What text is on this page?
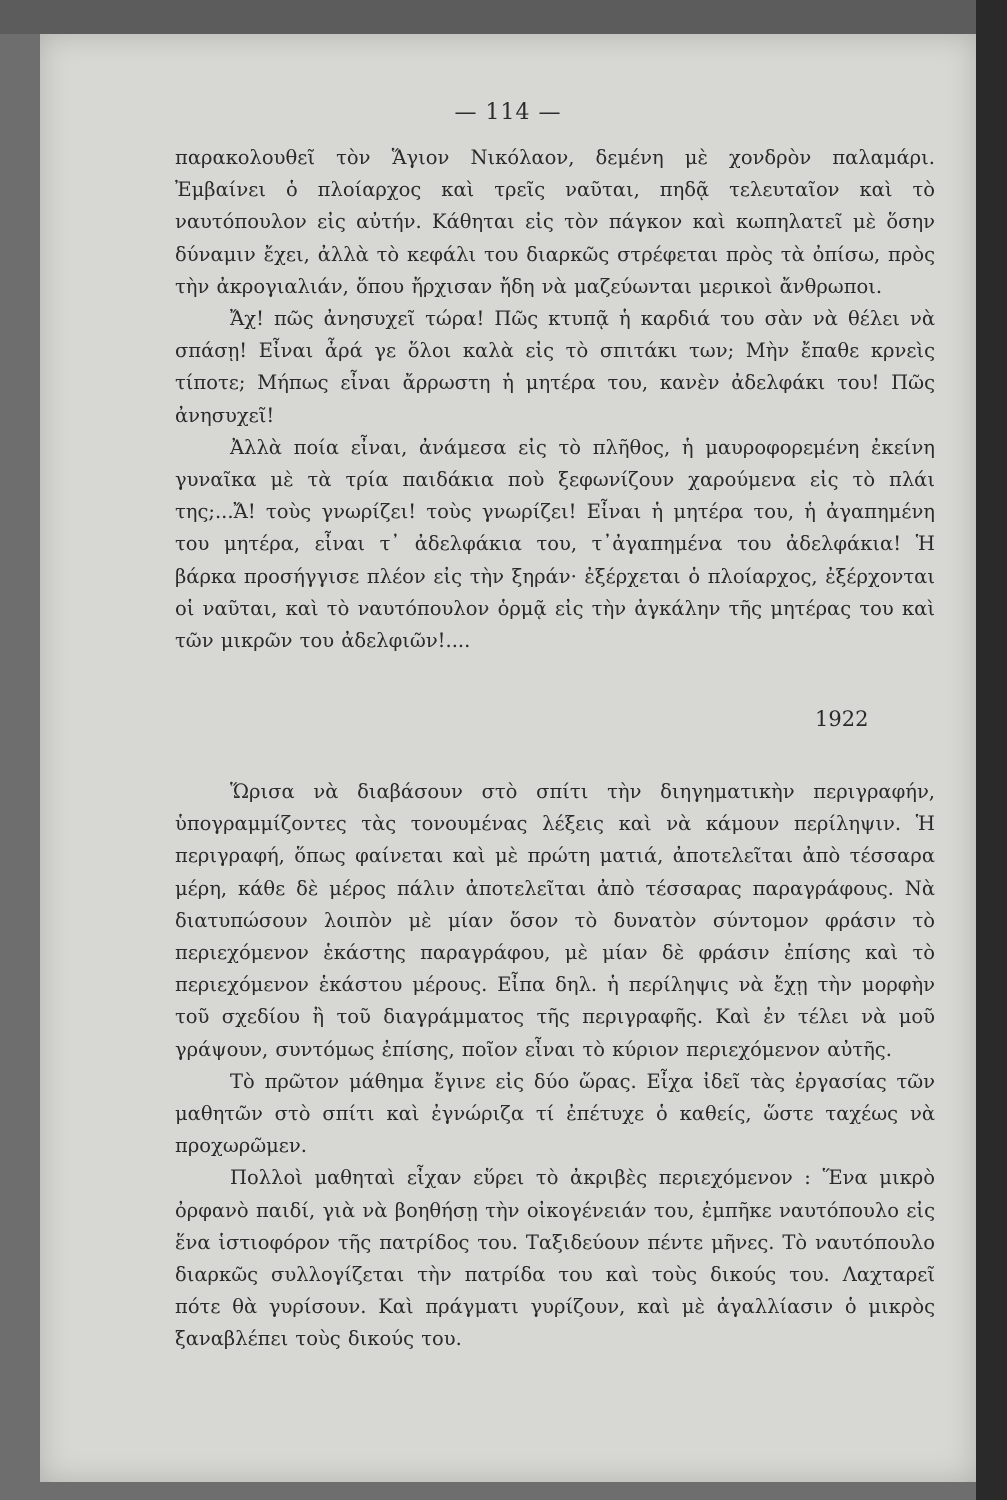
— 114 —

παρακολουθεῖ τὸν Ἅγιον Νικόλαον, δεμένη μὲ χονδρὸν παλαμάρι. Ἐμβαίνει ὁ πλοίαρχος καὶ τρεῖς ναῦται, πηδᾷ τελευταῖον καὶ τὸ ναυτόπουλον εἰς αὐτήν. Κάθηται εἰς τὸν πάγκον καὶ κωπηλατεῖ μὲ ὅσην δύναμιν ἔχει, ἀλλὰ τὸ κεφάλι του διαρκῶς στρέφεται πρὸς τὰ ὀπίσω, πρὸς τὴν ἀκρογιαλιάν, ὅπου ἤρχισαν ἤδη νὰ μαζεύωνται μερικοὶ ἄνθρωποι.

Ἄχ! πῶς ἀνησυχεῖ τώρα! Πῶς κτυπᾷ ἡ καρδιά του σὰν νὰ θέλει νὰ σπάσῃ! Εἶναι ἆρά γε ὅλοι καλὰ εἰς τὸ σπιτάκι των; Μὴν ἔπαθε κρνεὶς τίποτε; Μήπως εἶναι ἄρρωστη ἡ μητέρα του, κανὲν ἀδελφάκι του! Πῶς ἀνησυχεῖ!

Ἀλλὰ ποία εἶναι, ἀνάμεσα εἰς τὸ πλῆθος, ἡ μαυροφορεμένη ἐκείνη γυναῖκα μὲ τὰ τρία παιδάκια ποὺ ξεφωνίζουν χαρούμενα εἰς τὸ πλάι της;...Ἄ! τοὺς γνωρίζει! τοὺς γνωρίζει! Εἶναι ἡ μητέρα του, ἡ ἀγαπημένη του μητέρα, εἶναι τ᾿ ἀδελφάκια του, τ᾿ἀγαπημένα του ἀδελφάκια! Ἡ βάρκα προσήγγισε πλέον εἰς τὴν ξηράν· ἐξέρχεται ὁ πλοίαρχος, ἐξέρχονται οἱ ναῦται, καὶ τὸ ναυτόπουλον ὁρμᾷ εἰς τὴν ἀγκάλην τῆς μητέρας του καὶ τῶν μικρῶν του ἀδελφιῶν!....

1922

Ὥρισα νὰ διαβάσουν στὸ σπίτι τὴν διηγηματικὴν περιγραφήν, ὑπογραμμίζοντες τὰς τονουμένας λέξεις καὶ νὰ κάμουν περίληψιν. Ἡ περιγραφή, ὅπως φαίνεται καὶ μὲ πρώτη ματιά, ἀποτελεῖται ἀπὸ τέσσαρα μέρη, κάθε δὲ μέρος πάλιν ἀποτελεῖται ἀπὸ τέσσαρας παραγράφους. Νὰ διατυπώσουν λοιπὸν μὲ μίαν ὅσον τὸ δυνατὸν σύντομον φράσιν τὸ περιεχόμενον ἑκάστης παραγράφου, μὲ μίαν δὲ φράσιν ἐπίσης καὶ τὸ περιεχόμενον ἑκάστου μέρους. Εἶπα δηλ. ἡ περίληψις νὰ ἔχῃ τὴν μορφὴν τοῦ σχεδίου ἢ τοῦ διαγράμματος τῆς περιγραφῆς. Καὶ ἐν τέλει νὰ μοῦ γράψουν, συντόμως ἐπίσης, ποῖον εἶναι τὸ κύριον περιεχόμενον αὐτῆς.

Τὸ πρῶτον μάθημα ἔγινε εἰς δύο ὥρας. Εἶχα ἰδεῖ τὰς ἐργασίας τῶν μαθητῶν στὸ σπίτι καὶ ἐγνώριζα τί ἐπέτυχε ὁ καθείς, ὥστε ταχέως νὰ προχωρῶμεν.

Πολλοὶ μαθηταὶ εἶχαν εὕρει τὸ ἀκριβὲς περιεχόμενον : Ἕνα μικρὸ ὀρφανὸ παιδί, γιὰ νὰ βοηθήσῃ τὴν οἰκογένειάν του, ἐμπῆκε ναυτόπουλο εἰς ἕνα ἱστιοφόρον τῆς πατρίδος του. Ταξιδεύουν πέντε μῆνες. Τὸ ναυτόπουλο διαρκῶς συλλογίζεται τὴν πατρίδα του καὶ τοὺς δικούς του. Λαχταρεῖ πότε θὰ γυρίσουν. Καὶ πράγματι γυρίζουν, καὶ μὲ ἀγαλλίασιν ὁ μικρὸς ξαναβλέπει τοὺς δικούς του.
